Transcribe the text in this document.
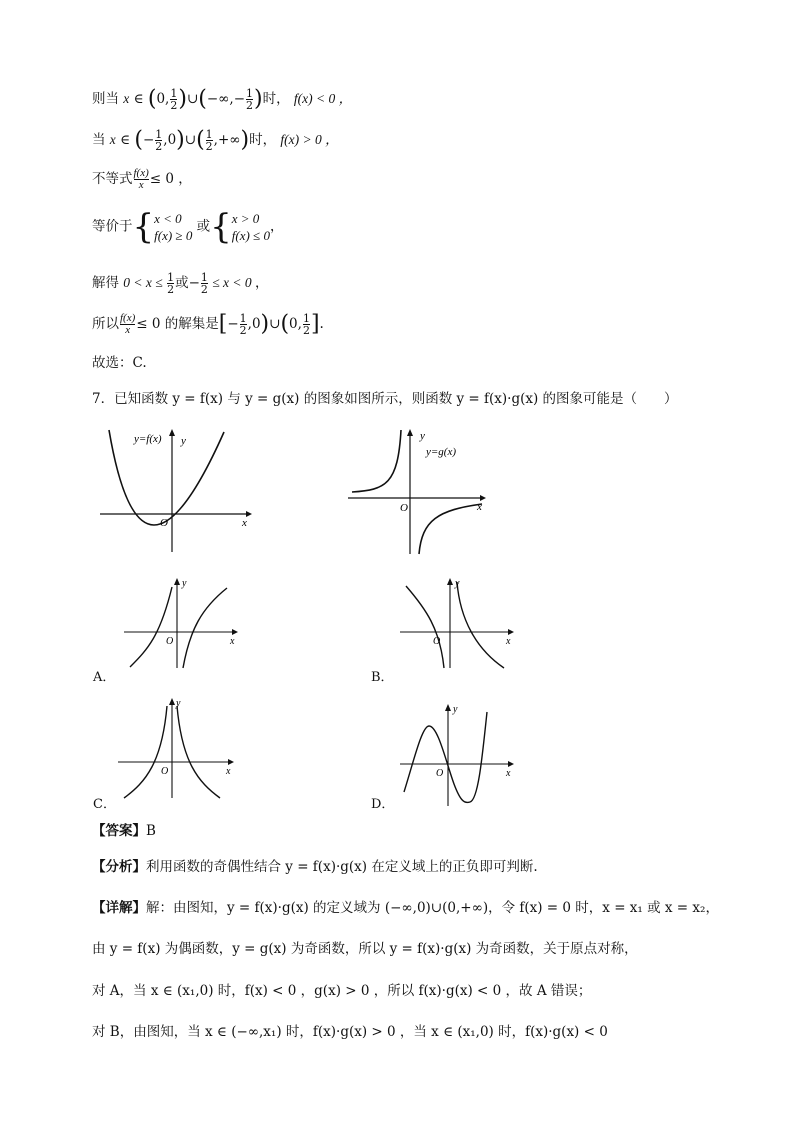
则当 x ∈ (0, $\frac{1}{2}$ )∪(−∞,− $\frac{1}{2}$ )时， f(x) < 0 ，
当 x ∈ (− $\frac{1}{2}$ ,0)∪( $\frac{1}{2}$ ,+∞)时， f(x) > 0 ，
不等式 $\frac{f(x)}{x} \le 0$ ，
等价于{x < 0
f(x) ≥ 0 或{x > 0
f(x) ≤ 0，
解得 $0 < x \le \frac{1}{2}$ 或− $\frac{1}{2} \le x < 0$ ，
所以 $\frac{f(x)}{x} \le 0$ 的解集是[− $\frac{1}{2}$ ,0)∪(0, $\frac{1}{2}$ ].
故选：C.
7．已知函数 y = f(x) 与 y = g(x) 的图象如图所示，则函数 y = f(x)·g(x) 的图象可能是（　　）
y=f(x) y
x
O
y
y=g(x)
x
O
y
x
O
A．
y
x
O
B．
y
x
O
C．
y
x
O
D．
【答案】B
【分析】利用函数的奇偶性结合 y = f(x)·g(x) 在定义域上的正负即可判断.
【详解】解：由图知，y = f(x)·g(x) 的定义域为 (−∞,0)∪(0,+∞)，令 f(x) = 0 时，x = x₁ 或 x = x₂，
由 y = f(x) 为偶函数，y = g(x) 为奇函数，所以 y = f(x)·g(x) 为奇函数，关于原点对称，
对 A，当 x ∈ (x₁,0) 时，f(x) < 0 ，g(x) > 0 ，所以 f(x)·g(x) < 0 ，故 A 错误；
对 B，由图知，当 x ∈ (−∞,x₁) 时，f(x)·g(x) > 0 ，当 x ∈ (x₁,0) 时，f(x)·g(x) < 0
